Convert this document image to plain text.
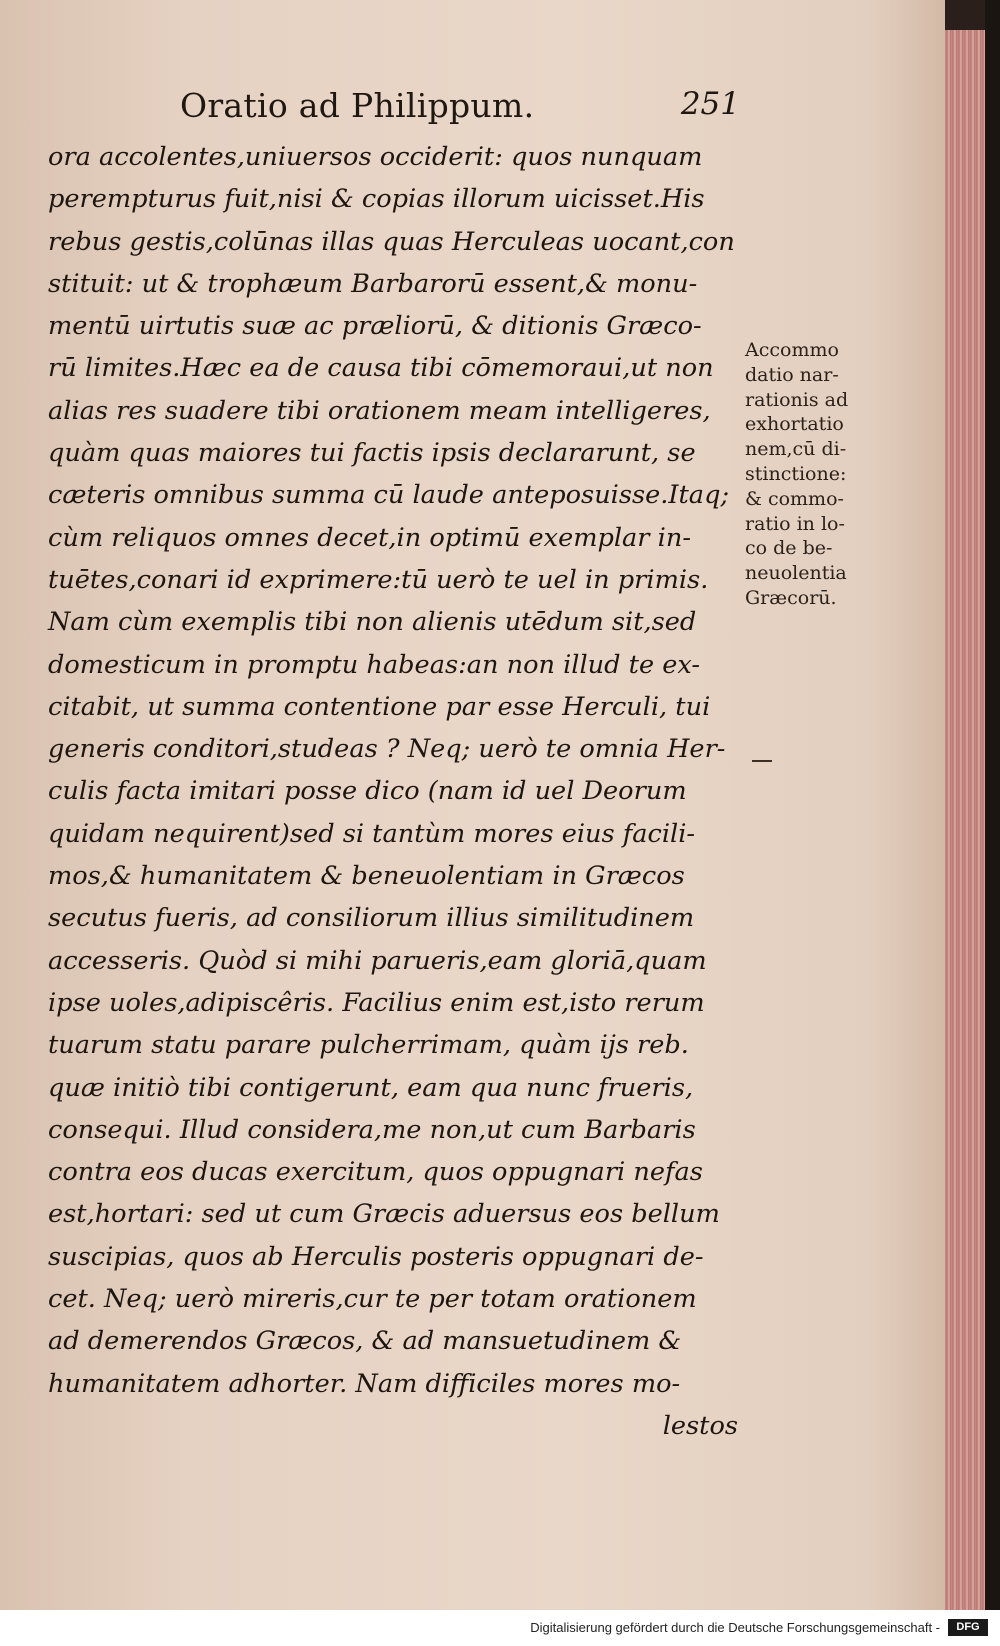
Oratio ad Philippum.	251
ora accolentes,uniuersos occiderit: quos nunquam
perempturus fuit,nisi & copias illorum uicisset.His
rebus gestis,colūnas illas quas Herculeas uocant,con
stituit: ut & trophæum Barbarorū essent,& monu-
mentū uirtutis suæ ac præliorū, & ditionis Græco-
rū limites.Hæc ea de causa tibi cōmemoraui,ut non
alias res suadere tibi orationem meam intelligeres,
quàm quas maiores tui factis ipsis declararunt, se
cæteris omnibus summa cū laude anteposuisse.Itaq;
cùm reliquos omnes decet,in optimū exemplar in-
tuētes,conari id exprimere:tū uerò te uel in primis.
Nam cùm exemplis tibi non alienis utēdum sit,sed
domesticum in promptu habeas:an non illud te ex-
citabit, ut summa contentione par esse Herculi, tui
generis conditori,studeas ? Neq; uerò te omnia Her-
culis facta imitari posse dico (nam id uel Deorum
quidam nequirent)sed si tantùm mores eius facili-
mos,& humanitatem & beneuolentiam in Græcos
secutus fueris, ad consiliorum illius similitudinem
accesseris. Quòd si mihi parueris,eam gloriā,quam
ipse uoles,adipiscêris. Facilius enim est,isto rerum
tuarum statu parare pulcherrimam, quàm ijs reb.
quæ initiò tibi contigerunt, eam qua nunc frueris,
consequi. Illud considera,me non,ut cum Barbaris
contra eos ducas exercitum, quos oppugnari nefas
est,hortari: sed ut cum Græcis aduersus eos bellum
suscipias, quos ab Herculis posteris oppugnari de-
cet. Neq; uerò mireris,cur te per totam orationem
ad demerendos Græcos, & ad mansuetudinem &
humanitatem adhorter. Nam difficiles mores mo-
lestos
Accommo
datio nar-
rationis ad
exhortatio
nem,cū di-
stinctione:
& commo-
ratio in lo-
co de be-
neuolentia
Græcorū.
Digitalisierung gefördert durch die Deutsche Forschungsgemeinschaft -	DFG
